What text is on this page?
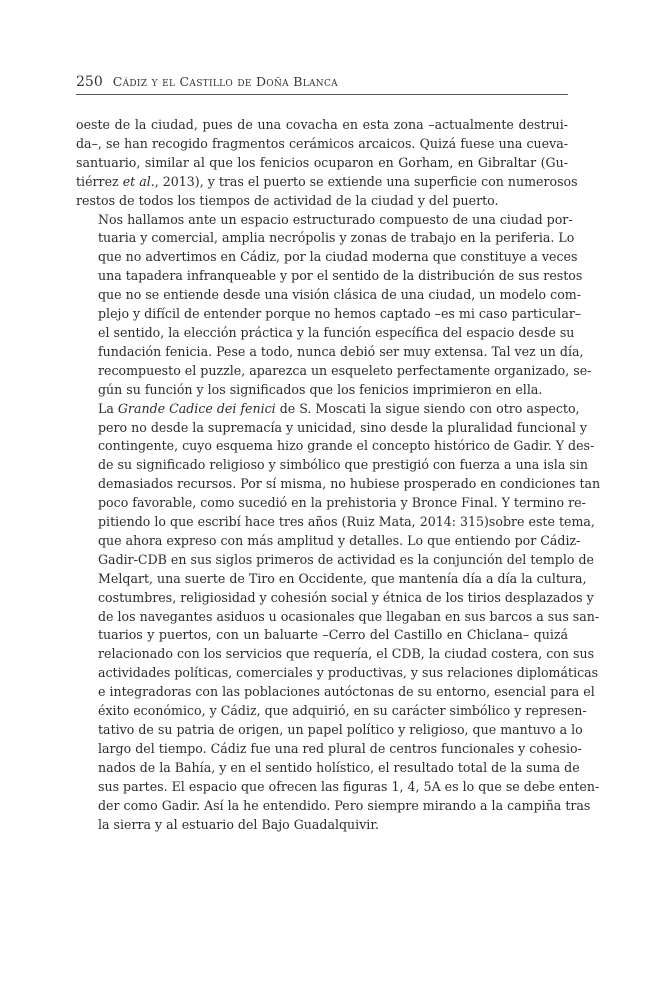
250 Cádiz y el Castillo de Doña Blanca

oeste de la ciudad, pues de una covacha en esta zona –actualmente destrui-
da–, se han recogido fragmentos cerámicos arcaicos. Quizá fuese una cueva-
santuario, similar al que los fenicios ocuparon en Gorham, en Gibraltar (Gu-
tiérrez et al., 2013), y tras el puerto se extiende una superficie con numerosos
restos de todos los tiempos de actividad de la ciudad y del puerto.

Nos hallamos ante un espacio estructurado compuesto de una ciudad por-
tuaria y comercial, amplia necrópolis y zonas de trabajo en la periferia. Lo
que no advertimos en Cádiz, por la ciudad moderna que constituye a veces
una tapadera infranqueable y por el sentido de la distribución de sus restos
que no se entiende desde una visión clásica de una ciudad, un modelo com-
plejo y difícil de entender porque no hemos captado –es mi caso particular–
el sentido, la elección práctica y la función específica del espacio desde su
fundación fenicia. Pese a todo, nunca debió ser muy extensa. Tal vez un día,
recompuesto el puzzle, aparezca un esqueleto perfectamente organizado, se-
gún su función y los significados que los fenicios imprimieron en ella.

La Grande Cadice dei fenici de S. Moscati la sigue siendo con otro aspecto,
pero no desde la supremacía y unicidad, sino desde la pluralidad funcional y
contingente, cuyo esquema hizo grande el concepto histórico de Gadir. Y des-
de su significado religioso y simbólico que prestigió con fuerza a una isla sin
demasiados recursos. Por sí misma, no hubiese prosperado en condiciones tan
poco favorable, como sucedió en la prehistoria y Bronce Final. Y termino re-
pitiendo lo que escribí hace tres años (Ruiz Mata, 2014: 315)sobre este tema,
que ahora expreso con más amplitud y detalles. Lo que entiendo por Cádiz-
Gadir-CDB en sus siglos primeros de actividad es la conjunción del templo de
Melqart, una suerte de Tiro en Occidente, que mantenía día a día la cultura,
costumbres, religiosidad y cohesión social y étnica de los tirios desplazados y
de los navegantes asiduos u ocasionales que llegaban en sus barcos a sus san-
tuarios y puertos, con un baluarte –Cerro del Castillo en Chiclana– quizá
relacionado con los servicios que requería, el CDB, la ciudad costera, con sus
actividades políticas, comerciales y productivas, y sus relaciones diplomáticas
e integradoras con las poblaciones autóctonas de su entorno, esencial para el
éxito económico, y Cádiz, que adquirió, en su carácter simbólico y represen-
tativo de su patria de origen, un papel político y religioso, que mantuvo a lo
largo del tiempo. Cádiz fue una red plural de centros funcionales y cohesio-
nados de la Bahía, y en el sentido holístico, el resultado total de la suma de
sus partes. El espacio que ofrecen las figuras 1, 4, 5A es lo que se debe enten-
der como Gadir. Así la he entendido. Pero siempre mirando a la campiña tras
la sierra y al estuario del Bajo Guadalquivir.
